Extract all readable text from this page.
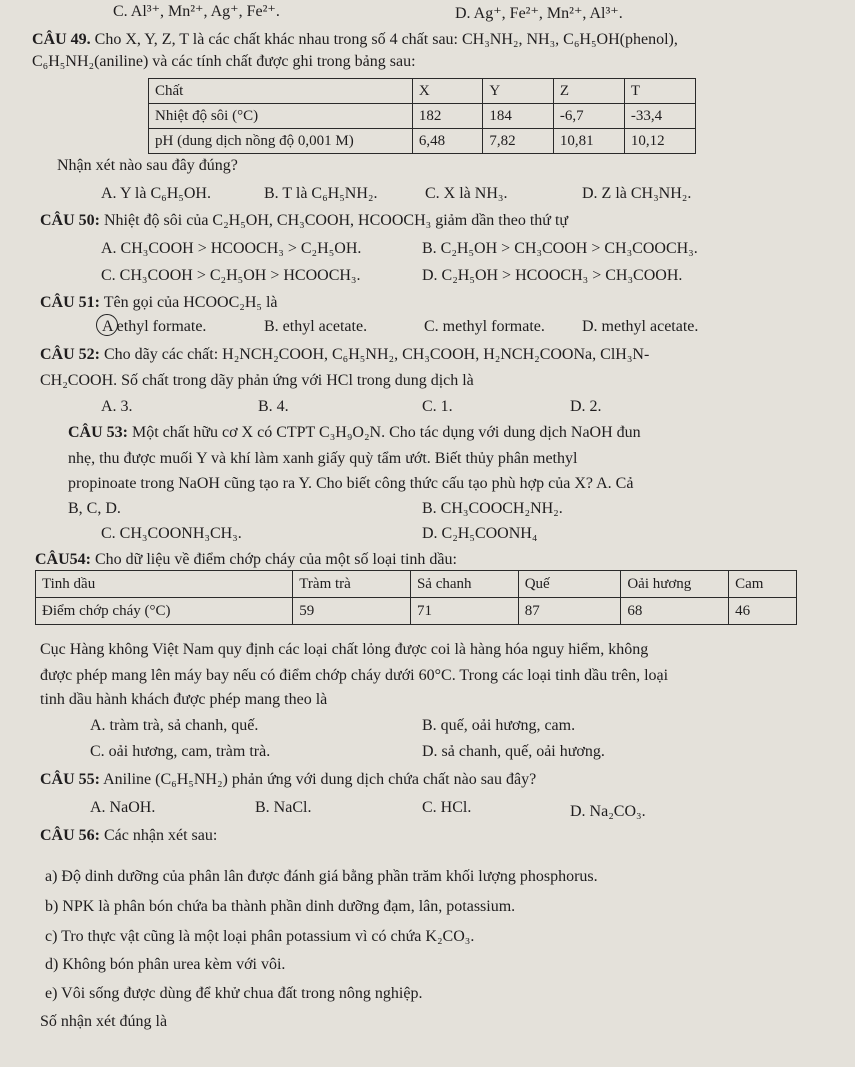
C. Al³⁺, Mn²⁺, Ag⁺, Fe²⁺.	D. Ag⁺, Fe²⁺, Mn²⁺, Al³⁺.
CÂU 49. Cho X, Y, Z, T là các chất khác nhau trong số 4 chất sau: CH₃NH₂, NH₃, C₆H₅OH(phenol),
C₆H₅NH₂(aniline) và các tính chất được ghi trong bảng sau:
Chất	X	Y	Z	T
Nhiệt độ sôi (°C)	182	184	-6,7	-33,4
pH (dung dịch nồng độ 0,001 M)	6,48	7,82	10,81	10,12
Nhận xét nào sau đây đúng?
A. Y là C₆H₅OH.	B. T là C₆H₅NH₂.	C. X là NH₃.	D. Z là CH₃NH₂.
CÂU 50: Nhiệt độ sôi của C₂H₅OH, CH₃COOH, HCOOCH₃ giảm dần theo thứ tự
A. CH₃COOH > HCOOCH₃ > C₂H₅OH.	B. C₂H₅OH > CH₃COOH > CH₃COOCH₃.
C. CH₃COOH > C₂H₅OH > HCOOCH₃.	D. C₂H₅OH > HCOOCH₃ > CH₃COOH.
CÂU 51: Tên gọi của HCOOC₂H₅ là
A ethyl formate.	B. ethyl acetate.	C. methyl formate. D. methyl acetate.
CÂU 52: Cho dãy các chất: H₂NCH₂COOH, C₆H₅NH₂, CH₃COOH, H₂NCH₂COONa, ClH₃N-
CH₂COOH. Số chất trong dãy phản ứng với HCl trong dung dịch là
A. 3.	B. 4.	C. 1.	D. 2.
CÂU 53: Một chất hữu cơ X có CTPT C₃H₉O₂N. Cho tác dụng với dung dịch NaOH đun
nhẹ, thu được muối Y và khí làm xanh giấy quỳ tẩm ướt. Biết thủy phân methyl
propinoate trong NaOH cũng tạo ra Y. Cho biết công thức cấu tạo phù hợp của X? A. Cả
B, C, D.	B. CH₃COOCH₂NH₂.
C. CH₃COONH₃CH₃.	D. C₂H₅COONH₄
CÂU54: Cho dữ liệu về điểm chớp cháy của một số loại tinh dầu:
Tinh dầu	Tràm trà	Sả chanh	Quế	Oải hương	Cam
Điểm chớp cháy (°C)	59	71	87	68	46
Cục Hàng không Việt Nam quy định các loại chất lỏng được coi là hàng hóa nguy hiểm, không
được phép mang lên máy bay nếu có điểm chớp cháy dưới 60°C. Trong các loại tinh dầu trên, loại
tinh dầu hành khách được phép mang theo là
A. tràm trà, sả chanh, quế.	B. quế, oải hương, cam.
C. oải hương, cam, tràm trà.	D. sả chanh, quế, oải hương.
CÂU 55: Aniline (C₆H₅NH₂) phản ứng với dung dịch chứa chất nào sau đây?
A. NaOH.	B. NaCl.	C. HCl.	D. Na₂CO₃.
CÂU 56: Các nhận xét sau:
a) Độ dinh dưỡng của phân lân được đánh giá bằng phần trăm khối lượng phosphorus.
b) NPK là phân bón chứa ba thành phần dinh dưỡng đạm, lân, potassium.
c) Tro thực vật cũng là một loại phân potassium vì có chứa K₂CO₃.
d) Không bón phân urea kèm với vôi.
e) Vôi sống được dùng để khử chua đất trong nông nghiệp.
Số nhận xét đúng là
